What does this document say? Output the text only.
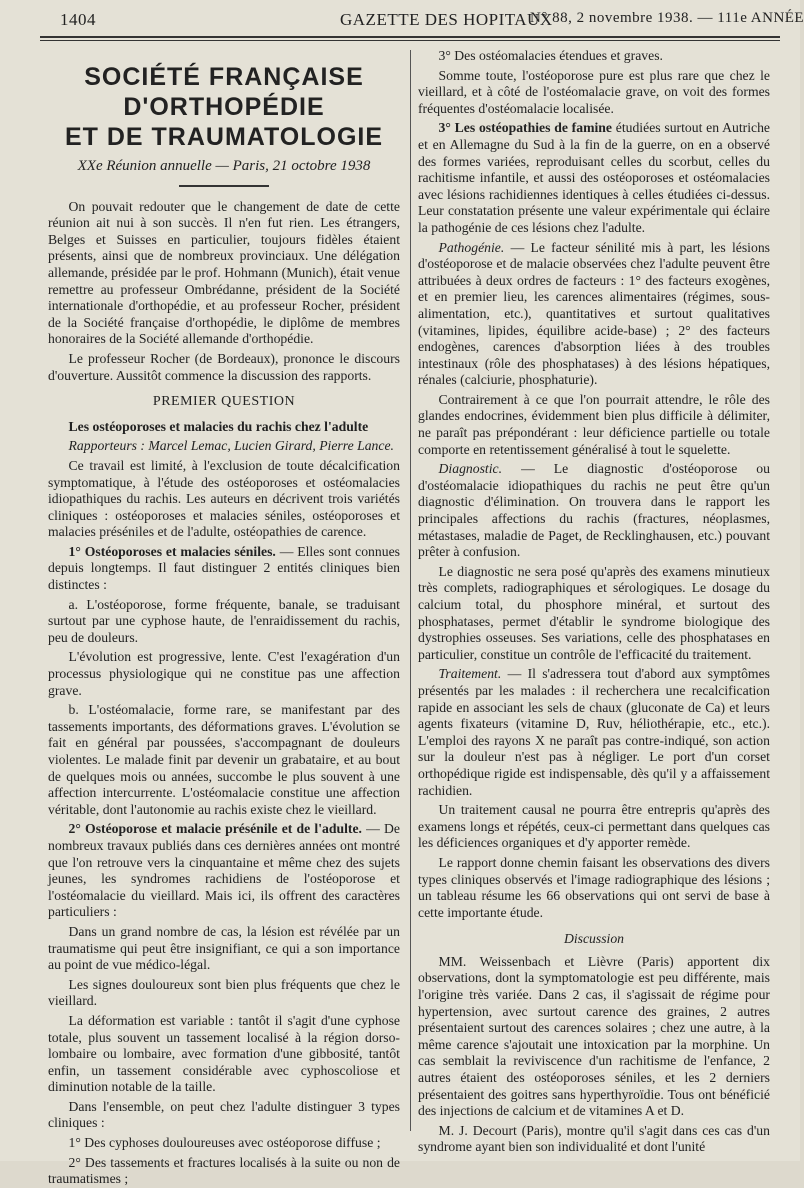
1404	GAZETTE DES HOPITAUX
N° 88, 2 novembre 1938. — 111e ANNÉE
SOCIÉTÉ FRANÇAISE D'ORTHOPÉDIE
ET DE TRAUMATOLOGIE
XXe Réunion annuelle — Paris, 21 octobre 1938

On pouvait redouter que le changement de date de cette réunion ait nui à son succès. Il n'en fut rien. Les étrangers, Belges et Suisses en particulier, toujours fidèles étaient présents, ainsi que de nombreux provinciaux. Une délégation allemande, présidée par le prof. Hohmann (Munich), était venue remettre au professeur Ombrédanne, président de la Société internationale d'orthopédie, et au professeur Rocher, président de la Société française d'orthopédie, le diplôme de membres honoraires de la Société allemande d'orthopédie.

Le professeur Rocher (de Bordeaux), prononce le discours d'ouverture. Aussitôt commence la discussion des rapports.

PREMIER QUESTION

Les ostéoporoses et malacies du rachis chez l'adulte

Rapporteurs : Marcel Lemac, Lucien Girard, Pierre Lance.

Ce travail est limité, à l'exclusion de toute décalcification symptomatique, à l'étude des ostéoporoses et ostéomalacies idiopathiques du rachis. Les auteurs en décrivent trois variétés cliniques : ostéoporoses et malacies séniles, ostéoporoses et malacies préséniles et de l'adulte, ostéopathies de carence.

1° Ostéoporoses et malacies séniles. — Elles sont connues depuis longtemps. Il faut distinguer 2 entités cliniques bien distinctes :

a. L'ostéoporose, forme fréquente, banale, se traduisant surtout par une cyphose haute, de l'enraidissement du rachis, peu de douleurs.

L'évolution est progressive, lente. C'est l'exagération d'un processus physiologique qui ne constitue pas une affection grave.

b. L'ostéomalacie, forme rare, se manifestant par des tassements importants, des déformations graves. L'évolution se fait en général par poussées, s'accompagnant de douleurs violentes. Le malade finit par devenir un grabataire, et au bout de quelques mois ou années, succombe le plus souvent à une affection intercurrente. L'ostéomalacie constitue une affection véritable, dont l'autonomie au rachis existe chez le vieillard.

2° Ostéoporose et malacie présénile et de l'adulte. — De nombreux travaux publiés dans ces dernières années ont montré que l'on retrouve vers la cinquantaine et même chez des sujets jeunes, les syndromes rachidiens de l'ostéoporose et l'ostéomalacie du vieillard. Mais ici, ils offrent des caractères particuliers :

Dans un grand nombre de cas, la lésion est révélée par un traumatisme qui peut être insignifiant, ce qui a son importance au point de vue médico-légal.

Les signes douloureux sont bien plus fréquents que chez le vieillard.

La déformation est variable : tantôt il s'agit d'une cyphose totale, plus souvent un tassement localisé à la région dorso-lombaire ou lombaire, avec formation d'une gibbosité, tantôt enfin, un tassement considérable avec cyphoscoliose et diminution notable de la taille.

Dans l'ensemble, on peut chez l'adulte distinguer 3 types cliniques :

1° Des cyphoses douloureuses avec ostéoporose diffuse ;

2° Des tassements et fractures localisés à la suite ou non de traumatismes ;

3° Des ostéomalacies étendues et graves.

Somme toute, l'ostéoporose pure est plus rare que chez le vieillard, et à côté de l'ostéomalacie grave, on voit des formes fréquentes d'ostéomalacie localisée.

3° Les ostéopathies de famine étudiées surtout en Autriche et en Allemagne du Sud à la fin de la guerre, on en a observé des formes variées, reproduisant celles du scorbut, celles du rachitisme infantile, et aussi des ostéoporoses et ostéomalacies avec lésions rachidiennes identiques à celles étudiées ci-dessus. Leur constatation présente une valeur expérimentale qui éclaire la pathogénie de ces lésions chez l'adulte.

Pathogénie. — Le facteur sénilité mis à part, les lésions d'ostéoporose et de malacie observées chez l'adulte peuvent être attribuées à deux ordres de facteurs : 1° des facteurs exogènes, et en premier lieu, les carences alimentaires (régimes, sous-alimentation, etc.), quantitatives et surtout qualitatives (vitamines, lipides, équilibre acide-base) ; 2° des facteurs endogènes, carences d'absorption liées à des troubles intestinaux (rôle des phosphatases) à des lésions hépatiques, rénales (calciurie, phosphaturie).

Contrairement à ce que l'on pourrait attendre, le rôle des glandes endocrines, évidemment bien plus difficile à délimiter, ne paraît pas prépondérant : leur déficience partielle ou totale comporte en retentissement généralisé à tout le squelette.

Diagnostic. — Le diagnostic d'ostéoporose ou d'ostéomalacie idiopathiques du rachis ne peut être qu'un diagnostic d'élimination. On trouvera dans le rapport les principales affections du rachis (fractures, néoplasmes, métastases, maladie de Paget, de Recklinghausen, etc.) pouvant prêter à confusion.

Le diagnostic ne sera posé qu'après des examens minutieux très complets, radiographiques et sérologiques. Le dosage du calcium total, du phosphore minéral, et surtout des phosphatases, permet d'établir le syndrome biologique des dystrophies osseuses. Ses variations, celle des phosphatases en particulier, constitue un contrôle de l'efficacité du traitement.

Traitement. — Il s'adressera tout d'abord aux symptômes présentés par les malades : il recherchera une recalcification rapide en associant les sels de chaux (gluconate de Ca) et leurs agents fixateurs (vitamine D, Ruv, héliothérapie, etc., etc.). L'emploi des rayons X ne paraît pas contre-indiqué, son action sur la douleur n'est pas à négliger. Le port d'un corset orthopédique rigide est indispensable, dès qu'il y a affaissement rachidien.

Un traitement causal ne pourra être entrepris qu'après des examens longs et répétés, ceux-ci permettant dans quelques cas les déficiences organiques et d'y apporter remède.

Le rapport donne chemin faisant les observations des divers types cliniques observés et l'image radiographique des lésions ; un tableau résume les 66 observations qui ont servi de base à cette importante étude.

Discussion

MM. Weissenbach et Lièvre (Paris) apportent dix observations, dont la symptomatologie est peu différente, mais l'origine très variée. Dans 2 cas, il s'agissait de régime pour hypertension, avec surtout carence des graines, 2 autres présentaient surtout des carences solaires ; chez une autre, à la même carence s'ajoutait une intoxication par la morphine. Un cas semblait la reviviscence d'un rachitisme de l'enfance, 2 autres étaient des ostéoporoses séniles, et les 2 derniers présentaient des goitres sans hyperthyroïdie. Tous ont bénéficié des injections de calcium et de vitamines A et D.

M. J. Decourt (Paris), montre qu'il s'agit dans ces cas d'un syndrome ayant bien son individualité et dont l'unité
